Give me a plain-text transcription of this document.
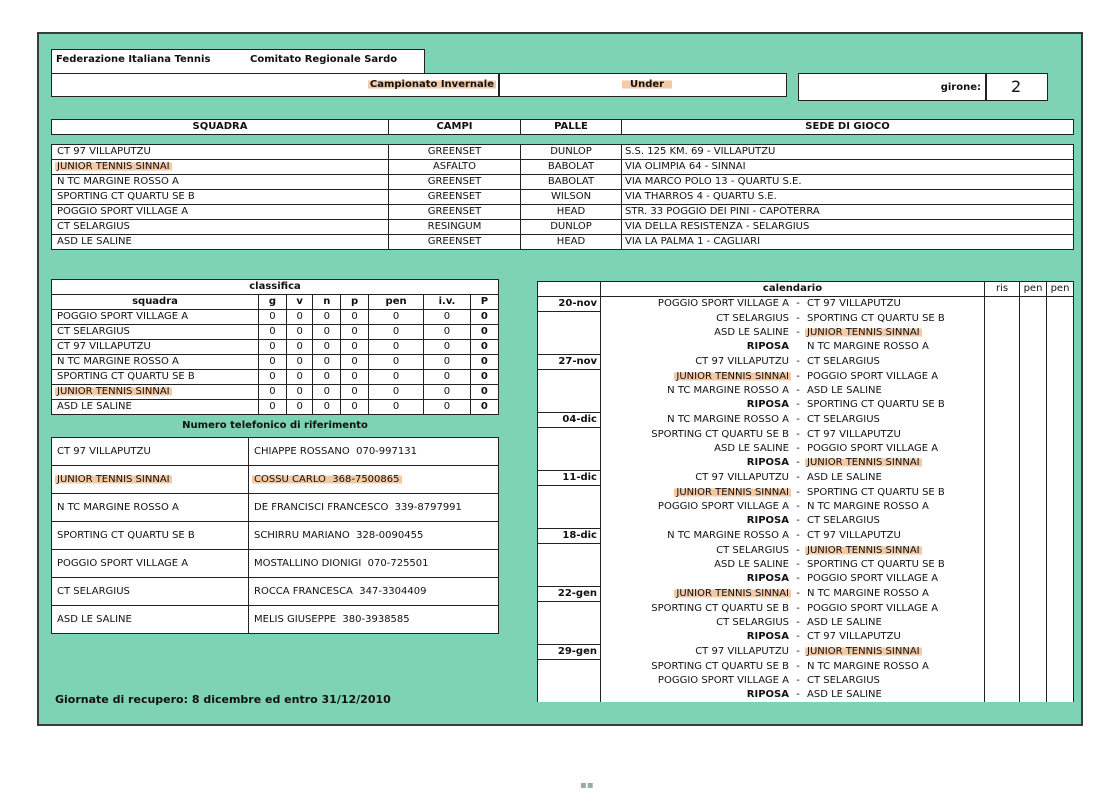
Federazione Italiana Tennis	Comitato Regionale Sardo
Campionato Invernale	Under	girone: 2
SQUADRA	CAMPI	PALLE	SEDE DI GIOCO
CT 97 VILLAPUTZU	GREENSET	DUNLOP	S.S. 125 KM. 69 - VILLAPUTZU
JUNIOR TENNIS SINNAI	ASFALTO	BABOLAT	VIA OLIMPIA 64 - SINNAI
N TC MARGINE ROSSO A	GREENSET	BABOLAT	VIA MARCO POLO 13 - QUARTU S.E.
SPORTING CT QUARTU SE B	GREENSET	WILSON	VIA THARROS 4 - QUARTU S.E.
POGGIO SPORT VILLAGE A	GREENSET	HEAD	STR. 33 POGGIO DEI PINI - CAPOTERRA
CT SELARGIUS	RESINGUM	DUNLOP	VIA DELLA RESISTENZA - SELARGIUS
ASD LE SALINE	GREENSET	HEAD	VIA LA PALMA 1 - CAGLIARI
classifica							
squadra	g	v	n	p	pen	i.v.	P
POGGIO SPORT VILLAGE A	0	0	0	0	0	0	0
CT SELARGIUS	0	0	0	0	0	0	0
CT 97 VILLAPUTZU	0	0	0	0	0	0	0
N TC MARGINE ROSSO A	0	0	0	0	0	0	0
SPORTING CT QUARTU SE B	0	0	0	0	0	0	0
JUNIOR TENNIS SINNAI	0	0	0	0	0	0	0
ASD LE SALINE	0	0	0	0	0	0	0
Numero telefonico di riferimento
CT 97 VILLAPUTZU	CHIAPPE ROSSANO  070-997131
JUNIOR TENNIS SINNAI	COSSU CARLO  368-7500865
N TC MARGINE ROSSO A	DE FRANCISCI FRANCESCO  339-8797991
SPORTING CT QUARTU SE B	SCHIRRU MARIANO  328-0090455
POGGIO SPORT VILLAGE A	MOSTALLINO DIONIGI  070-725501
CT SELARGIUS	ROCCA FRANCESCA  347-3304409
ASD LE SALINE	MELIS GIUSEPPE  380-3938585
	calendario	ris	pen	pen
20-nov	POGGIO SPORT VILLAGE A - CT 97 VILLAPUTZU			

	CT SELARGIUS - SPORTING CT QUARTU SE B			

	ASD LE SALINE - JUNIOR TENNIS SINNAI			

	RIPOSA N TC MARGINE ROSSO A			

27-nov	CT 97 VILLAPUTZU - CT SELARGIUS			

	JUNIOR TENNIS SINNAI - POGGIO SPORT VILLAGE A			

	N TC MARGINE ROSSO A - ASD LE SALINE			

	RIPOSA - SPORTING CT QUARTU SE B			

04-dic	N TC MARGINE ROSSO A - CT SELARGIUS			

	SPORTING CT QUARTU SE B - CT 97 VILLAPUTZU			

	ASD LE SALINE - POGGIO SPORT VILLAGE A			

	RIPOSA - JUNIOR TENNIS SINNAI			

11-dic	CT 97 VILLAPUTZU - ASD LE SALINE			

	JUNIOR TENNIS SINNAI - SPORTING CT QUARTU SE B			

	POGGIO SPORT VILLAGE A - N TC MARGINE ROSSO A			

	RIPOSA - CT SELARGIUS			

18-dic	N TC MARGINE ROSSO A - CT 97 VILLAPUTZU			

	CT SELARGIUS - JUNIOR TENNIS SINNAI			

	ASD LE SALINE - SPORTING CT QUARTU SE B			

	RIPOSA - POGGIO SPORT VILLAGE A			

22-gen	JUNIOR TENNIS SINNAI - N TC MARGINE ROSSO A			

	SPORTING CT QUARTU SE B - POGGIO SPORT VILLAGE A			

	CT SELARGIUS - ASD LE SALINE			

	RIPOSA - CT 97 VILLAPUTZU			

29-gen	CT 97 VILLAPUTZU - JUNIOR TENNIS SINNAI			

	SPORTING CT QUARTU SE B - N TC MARGINE ROSSO A			

	POGGIO SPORT VILLAGE A - CT SELARGIUS			

	RIPOSA - ASD LE SALINE			

Giornate di recupero: 8 dicembre ed entro 31/12/2010
▪▪
